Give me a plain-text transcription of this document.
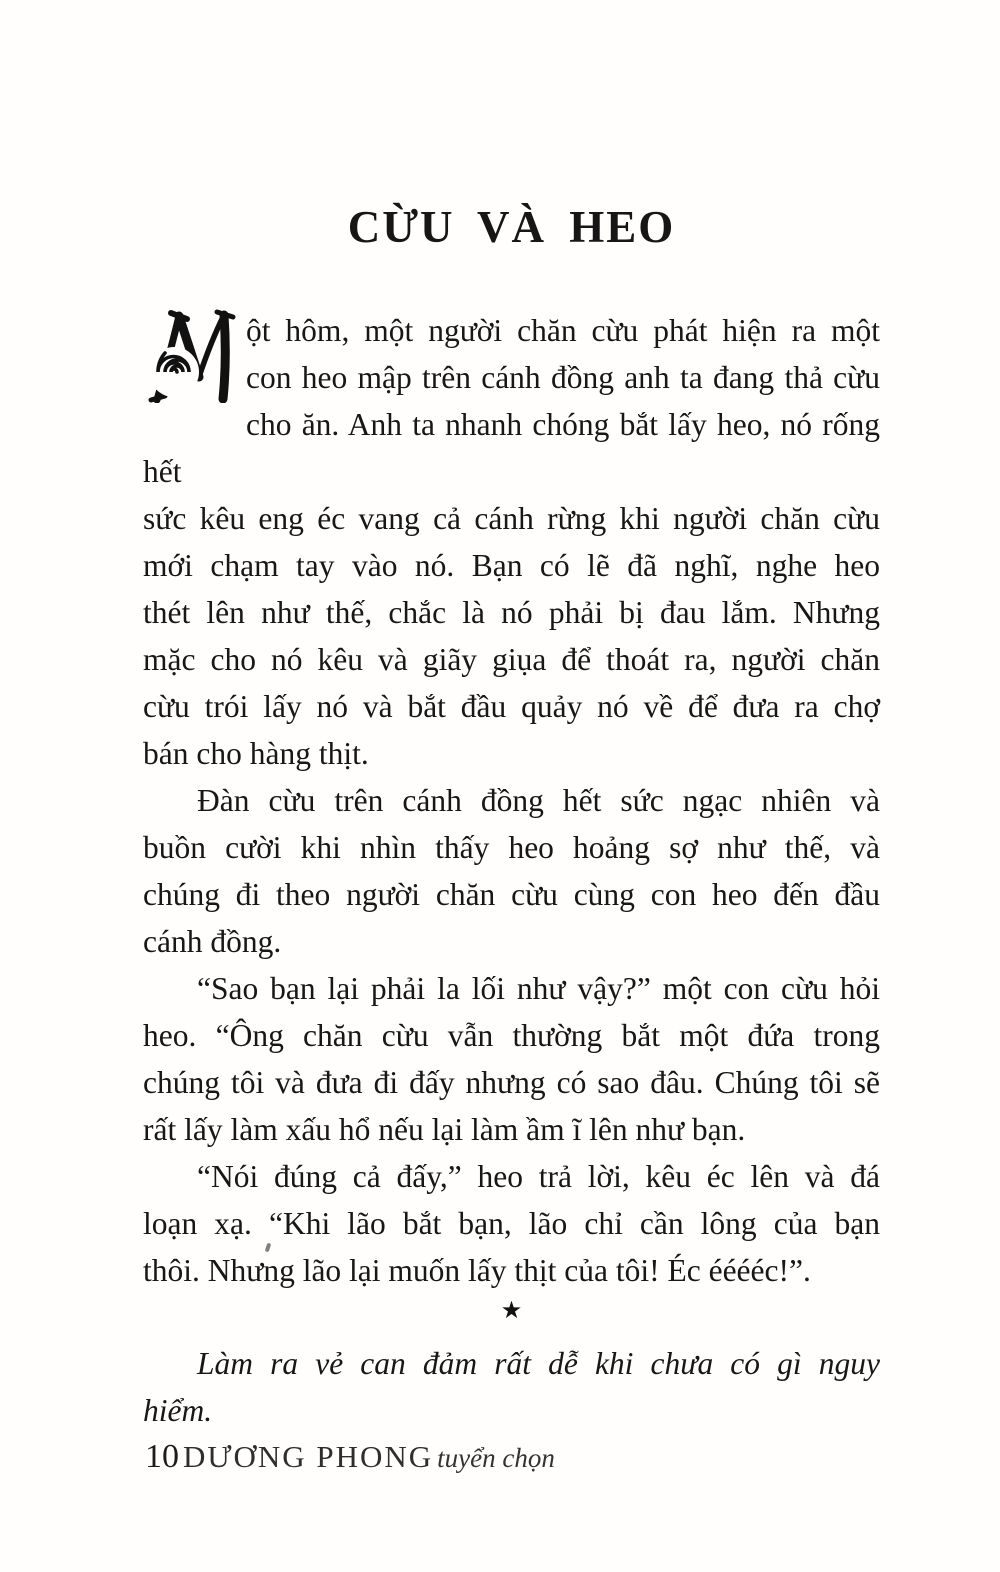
CỪU VÀ HEO
ột hôm, một người chăn cừu phát hiện ra một
con heo mập trên cánh đồng anh ta đang thả cừu
cho ăn. Anh ta nhanh chóng bắt lấy heo, nó rống hết
sức kêu eng éc vang cả cánh rừng khi người chăn cừu
mới chạm tay vào nó. Bạn có lẽ đã nghĩ, nghe heo
thét lên như thế, chắc là nó phải bị đau lắm. Nhưng
mặc cho nó kêu và giãy giụa để thoát ra, người chăn
cừu trói lấy nó và bắt đầu quảy nó về để đưa ra chợ
bán cho hàng thịt.
Đàn cừu trên cánh đồng hết sức ngạc nhiên và
buồn cười khi nhìn thấy heo hoảng sợ như thế, và
chúng đi theo người chăn cừu cùng con heo đến đầu
cánh đồng.
“Sao bạn lại phải la lối như vậy?” một con cừu hỏi
heo. “Ông chăn cừu vẫn thường bắt một đứa trong
chúng tôi và đưa đi đấy nhưng có sao đâu. Chúng tôi sẽ
rất lấy làm xấu hổ nếu lại làm ầm ĩ lên như bạn.
“Nói đúng cả đấy,” heo trả lời, kêu éc lên và đá
loạn xạ. “Khi lão bắt bạn, lão chỉ cần lông của bạn
thôi. Nhưng lão lại muốn lấy thịt của tôi! Éc ééééc!”.
★
Làm ra vẻ can đảm rất dễ khi chưa có gì nguy
hiểm.
10 DƯƠNG PHONG tuyển chọn
